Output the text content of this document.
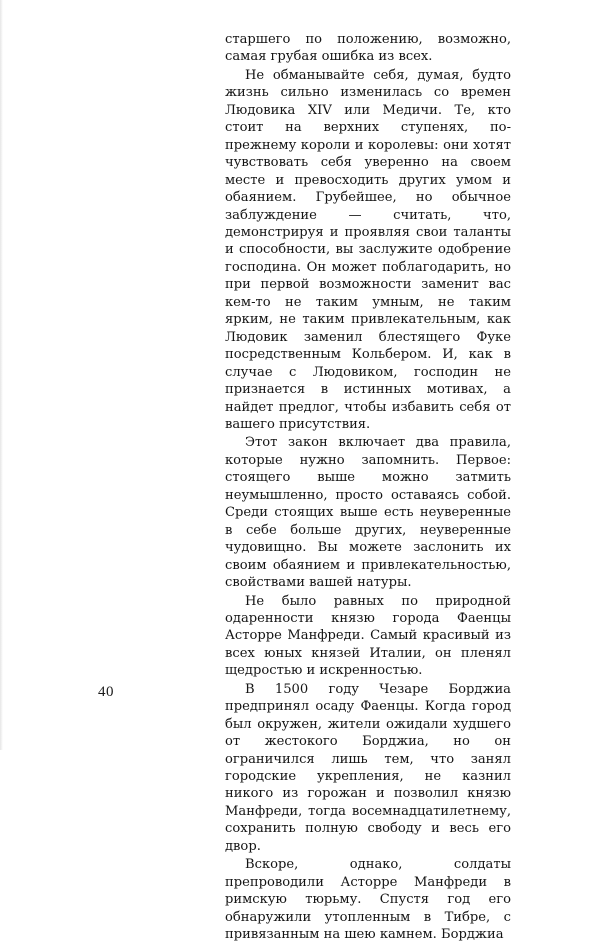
старшего по положению, возможно, самая грубая ошибка из всех.

Не обманывайте себя, думая, будто жизнь сильно изменилась со времен Людовика XIV или Медичи. Те, кто стоит на верхних ступенях, по-прежнему короли и королевы: они хотят чувствовать себя уверенно на своем месте и превосходить других умом и обаянием. Грубейшее, но обычное заблуждение — считать, что, демонстрируя и проявляя свои таланты и способности, вы заслужите одобрение господина. Он может поблагодарить, но при первой возможности заменит вас кем-то не таким умным, не таким ярким, не таким привлекательным, как Людовик заменил блестящего Фуке посредственным Кольбером. И, как в случае с Людовиком, господин не признается в истинных мотивах, а найдет предлог, чтобы избавить себя от вашего присутствия.

Этот закон включает два правила, которые нужно запомнить. Первое: стоящего выше можно затмить неумышленно, просто оставаясь собой. Среди стоящих выше есть неуверенные в себе больше других, неуверенные чудовищно. Вы можете заслонить их своим обаянием и привлекательностью, свойствами вашей натуры.

Не было равных по природной одаренности князю города Фаенцы Асторре Манфреди. Самый красивый из всех юных князей Италии, он пленял щедростью и искренностью.

В 1500 году Чезаре Борджиа предпринял осаду Фаенцы. Когда город был окружен, жители ожидали худшего от жестокого Борджиа, но он ограничился лишь тем, что занял городские укрепления, не казнил никого из горожан и позволил князю Манфреди, тогда восемнадцатилетнему, сохранить полную свободу и весь его двор.

Вскоре, однако, солдаты препроводили Асторре Манфреди в римскую тюрьму. Спустя год его обнаружили утопленным в Тибре, с привязанным на шею камнем. Борджиа

40
